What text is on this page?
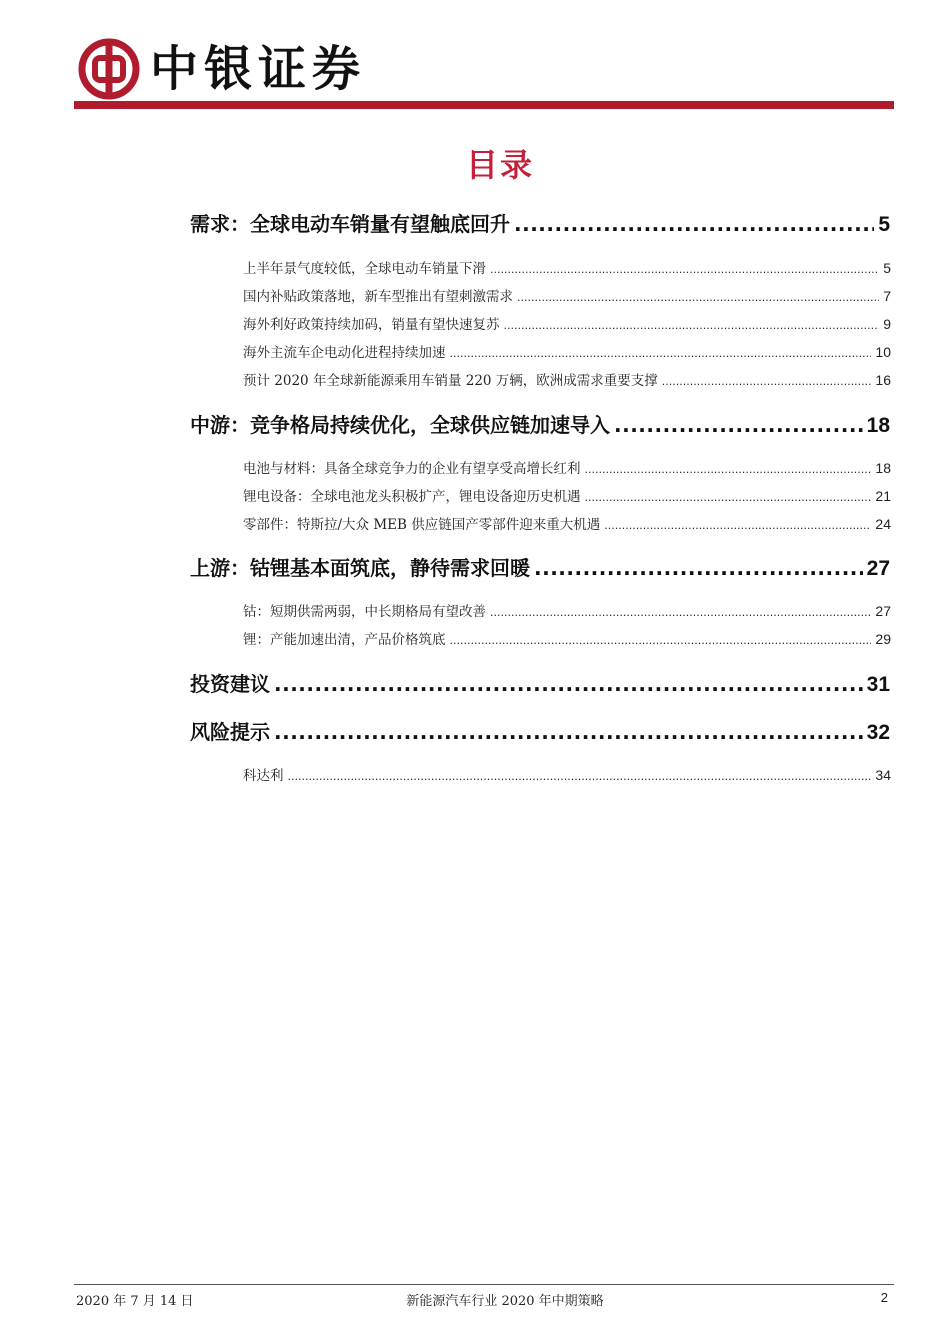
中银证券
目录
需求：全球电动车销量有望触底回升 .....	5
上半年景气度较低，全球电动车销量下滑 .....	5
国内补贴政策落地，新车型推出有望刺激需求 .....	7
海外利好政策持续加码，销量有望快速复苏 .....	9
海外主流车企电动化进程持续加速 .....	10
预计 2020 年全球新能源乘用车销量 220 万辆，欧洲成需求重要支撑 .....	16
中游：竞争格局持续优化，全球供应链加速导入 .....	18
电池与材料：具备全球竞争力的企业有望享受高增长红利 .....	18
锂电设备：全球电池龙头积极扩产，锂电设备迎历史机遇 .....	21
零部件：特斯拉/大众 MEB 供应链国产零部件迎来重大机遇 .....	24
上游：钴锂基本面筑底，静待需求回暖 .....	27
钴：短期供需两弱，中长期格局有望改善 .....	27
锂：产能加速出清，产品价格筑底 .....	29
投资建议 .....	31
风险提示 .....	32
科达利 .....	34
2020 年 7 月 14 日	新能源汽车行业 2020 年中期策略	2
